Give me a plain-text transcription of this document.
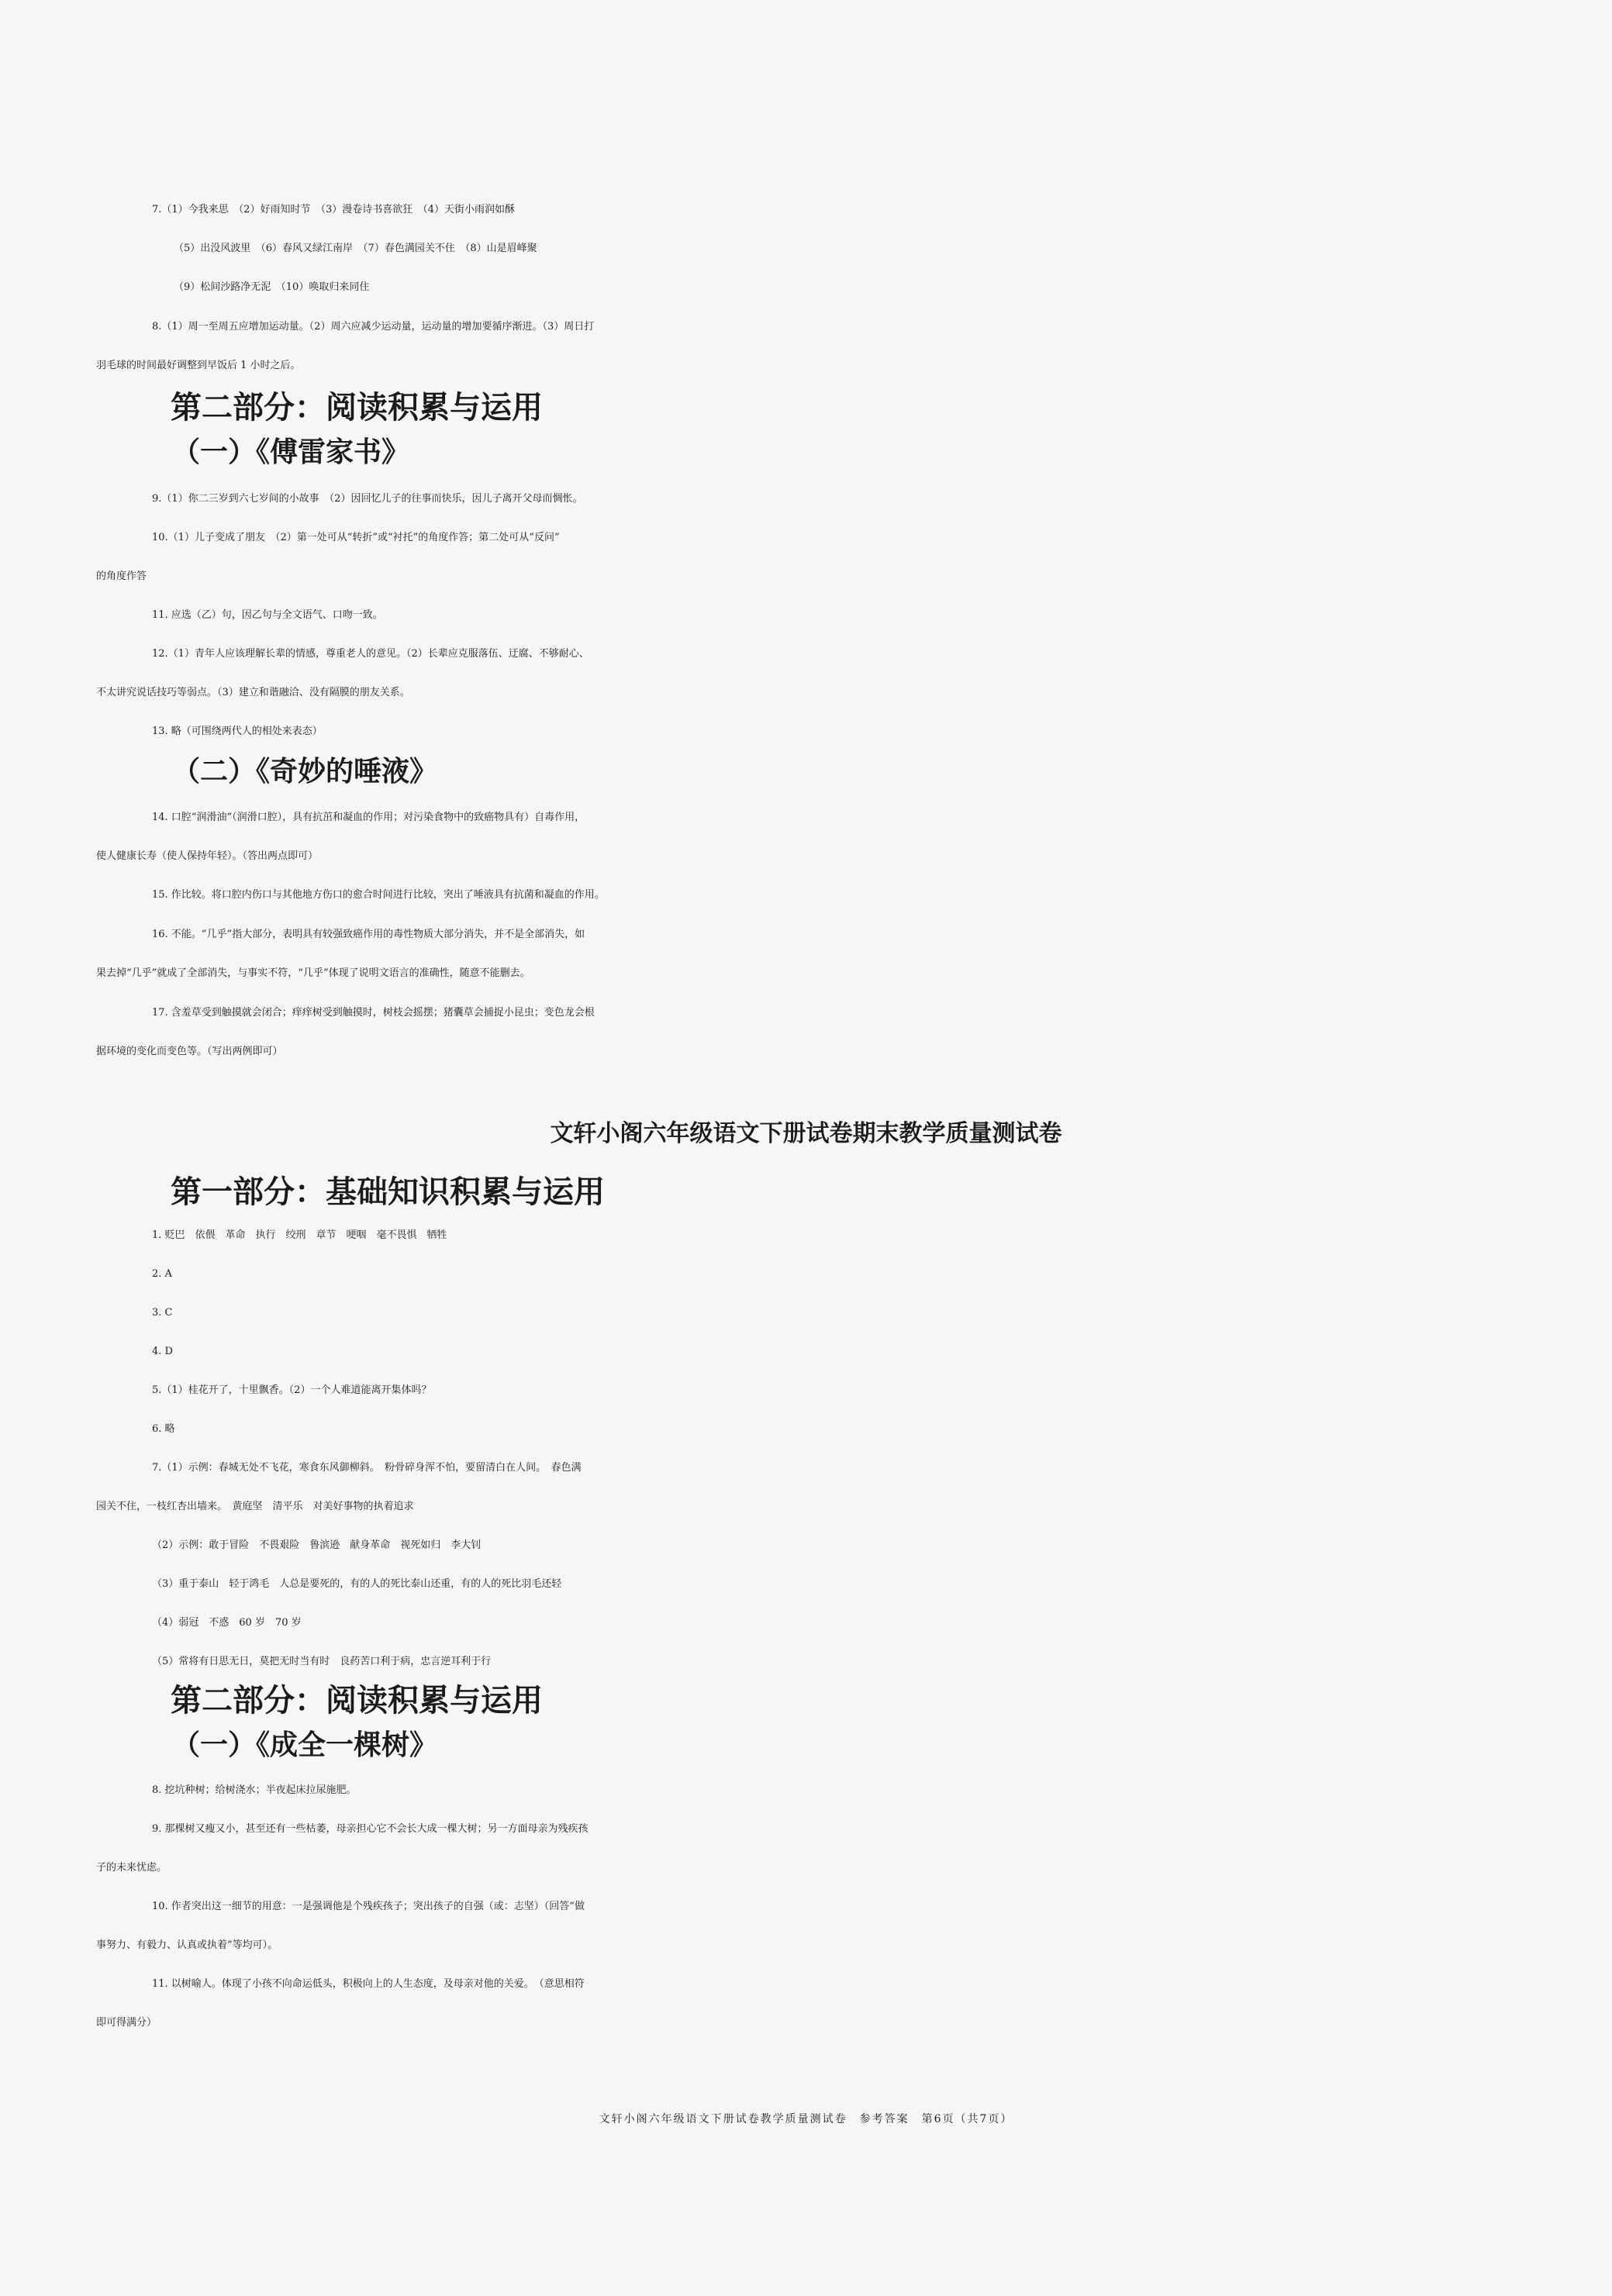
7.（1）今我来思　（2）好雨知时节　（3）漫卷诗书喜欲狂　（4）天街小雨润如酥
（5）出没风波里　（6）春风又绿江南岸　（7）春色满园关不住　（8）山是眉峰聚
（9）松间沙路净无泥　（10）唤取归来同住
8.（1）周一至周五应增加运动量。（2）周六应减少运动量，运动量的增加要循序渐进。（3）周日打
羽毛球的时间最好调整到早饭后 1 小时之后。
第二部分：阅读积累与运用
（一）《傅雷家书》
9.（1）你二三岁到六七岁间的小故事　（2）因回忆儿子的往事而快乐，因儿子离开父母而惆怅。
10.（1）儿子变成了朋友　（2）第一处可从“转折”或“衬托”的角度作答；第二处可从“反问”
的角度作答
11. 应选（乙）句，因乙句与全文语气、口吻一致。
12.（1）青年人应该理解长辈的情感，尊重老人的意见。（2）长辈应克服落伍、迂腐、不够耐心、
不太讲究说话技巧等弱点。（3）建立和谐融洽、没有隔膜的朋友关系。
13. 略（可围绕两代人的相处来表态）
（二）《奇妙的唾液》
14. 口腔“润滑油”（润滑口腔），具有抗茁和凝血的作用；对污染食物中的致癌物具有）自毒作用，
使人健康长寿（使人保持年轻）。（答出两点即可）
15. 作比较。将口腔内伤口与其他地方伤口的愈合时间进行比较，突出了唾液具有抗菌和凝血的作用。
16. 不能。“几乎”指大部分，表明具有较强致癌作用的毒性物质大部分消失，并不是全部消失，如
果去掉“几乎”就成了全部消失，与事实不符，“几乎”体现了说明文语言的准确性，随意不能删去。
17. 含羞草受到触摸就会闭合；痒痒树受到触摸时，树枝会摇摆；猪囊草会捕捉小昆虫；变色龙会根
据环境的变化而变色等。（写出两例即可）
文轩小阁六年级语文下册试卷期末教学质量测试卷
第一部分：基础知识积累与运用
1. 贬巴　依偎　革命　执行　绞刑　章节　哽咽　毫不畏惧　牺牲
2. A
3. C
4. D
5.（1）桂花开了，十里飘香。（2）一个人难道能离开集体吗？
6. 略
7.（1）示例：春城无处不飞花，寒食东风御柳斜。　粉骨碎身浑不怕，要留清白在人间。　春色满
园关不住，一枝红杏出墙来。　黄庭坚　清平乐　对美好事物的执着追求
（2）示例：敢于冒险　不畏艰险　鲁滨逊　献身革命　视死如归　李大钊
（3）重于泰山　轻于鸿毛　人总是要死的，有的人的死比泰山还重，有的人的死比羽毛还轻
（4）弱冠　不惑　60 岁　70 岁
（5）常将有日思无日，莫把无时当有时　良药苦口利于病，忠言逆耳利于行
第二部分：阅读积累与运用
（一）《成全一棵树》
8. 挖坑种树；给树浇水；半夜起床拉尿施肥。
9. 那棵树又瘦又小，甚至还有一些枯萎，母亲担心它不会长大成一棵大树；另一方面母亲为残疾孩
子的未来忧虑。
10. 作者突出这一细节的用意：一是强调他是个残疾孩子；突出孩子的自强（或：志坚）（回答“做
事努力、有毅力、认真或执着”等均可）。
11. 以树喻人。体现了小孩不向命运低头，积极向上的人生态度，及母亲对他的关爱。　（意思相符
即可得满分）
文轩小阁六年级语文下册试卷教学质量测试卷　参考答案　第6页（共7页）
